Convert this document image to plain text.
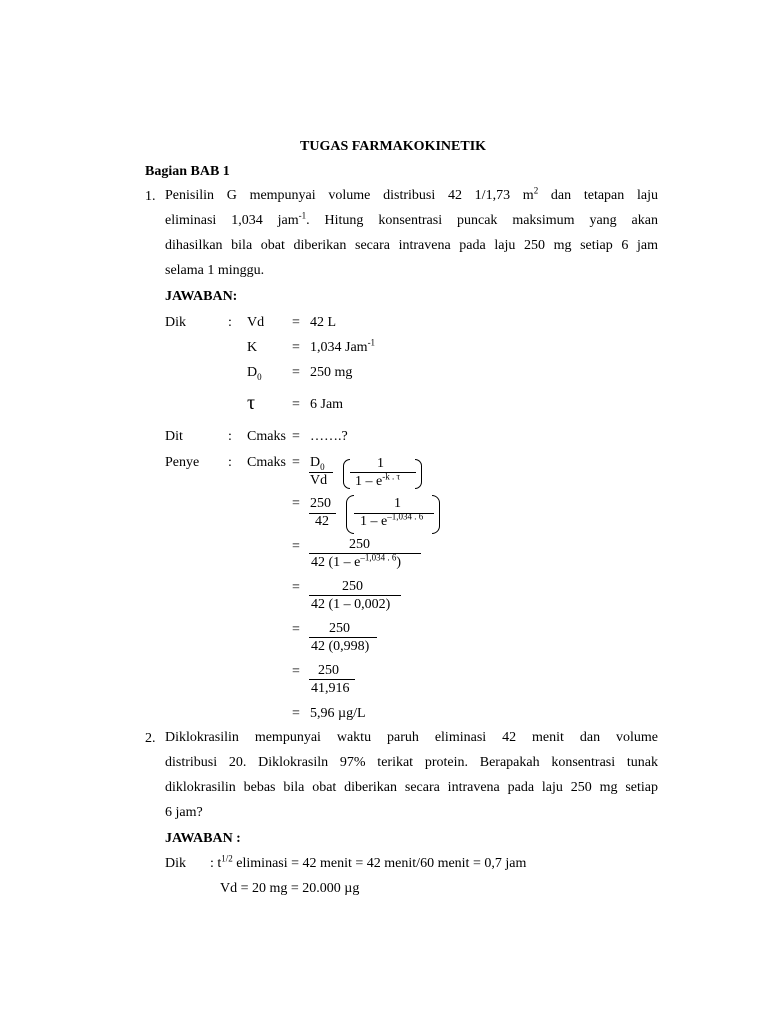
TUGAS FARMAKOKINETIK
Bagian BAB 1
1. Penisilin G mempunyai volume distribusi 42 1/1,73 $m^2$ dan tetapan laju
eliminasi 1,034 jam$^{-1}$. Hitung konsentrasi puncak maksimum yang akan
dihasilkan bila obat diberikan secara intravena pada laju 250 mg setiap 6 jam
selama 1 minggu.
JAWABAN:
Dik	: Vd = 42 L
K = 1,034 Jam$^{-1}$
$D_0 = 250$ mg
τ	= 6 Jam
Dit	: Cmaks = …….?
Penye : Cmaks = $D_0$
Vd
1
$1 - e^{-k . \tau}$
= 250
42
1
$1 - e^{-1,034 . 6}$
=	250
42 $(1 - e^{-1,034 . 6})$
=	250
42 (1 – 0,002)
= 250
42 (0,998)
= 250
41,916
= 5,96 µg/L
2. Diklokrasilin mempunyai waktu paruh eliminasi 42 menit dan volume
distribusi 20. Diklokrasiln 97% terikat protein. Berapakah konsentrasi tunak
diklokrasilin bebas bila obat diberikan secara intravena pada laju 250 mg setiap
6 jam?
JAWABAN :
Dik : $t^{1/2}$ eliminasi = 42 menit = 42 menit/60 menit = 0,7 jam
Vd = 20 mg = 20.000 µg
